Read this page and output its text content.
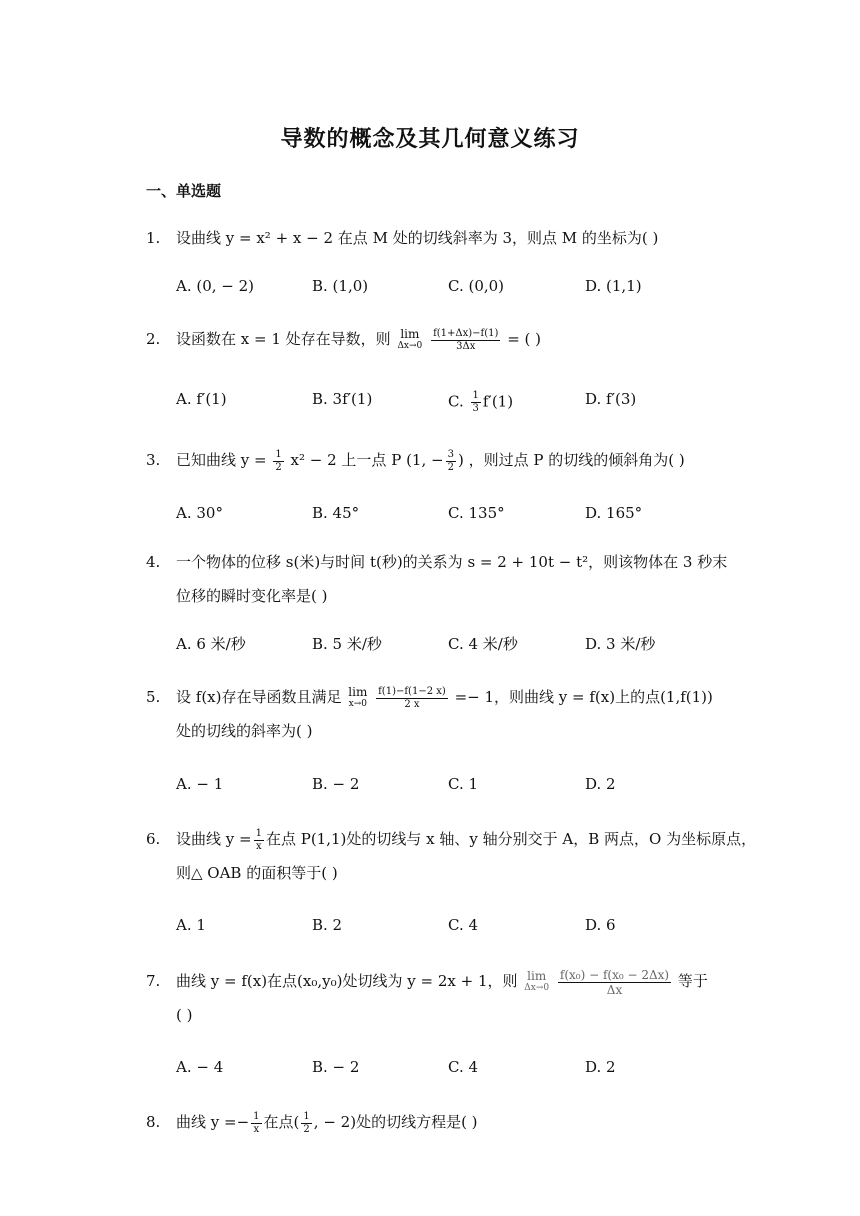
导数的概念及其几何意义练习
一、单选题
1.	设曲线 y = x² + x − 2 在点 M 处的切线斜率为 3，则点 M 的坐标为( )
A. (0, − 2)	B. (1,0)	C. (0,0)	D. (1,1)
2.	设函数在 x = 1 处存在导数，则 lim
Δx→0
$\frac{f(1+\Delta x)-f(1)}{3\Delta x}$ = ( )
A. f′(1)	B. 3f′(1)	C. $\frac{1}{3} f'(1)$	D. f′(3)
3.	已知曲线 $y = \frac{1}{2} x^2 - 2$ 上一点 P (1, − $\frac{3}{2}$ ) ，则过点 P 的切线的倾斜角为( )
A. 30°	B. 45°	C. 135°	D. 165°
4.	一个物体的位移 s(米)与时间 t(秒)的关系为 s = 2 + 10t − t²，则该物体在 3 秒末
位移的瞬时变化率是( )
A. 6 米/秒	B. 5 米/秒	C. 4 米/秒	D. 3 米/秒
5.	设 f(x)存在导函数且满足 lim
x→0
$\frac{f(1)-f(1-2 x)}{2 x} =- 1$，则曲线 y = f(x)上的点(1,f(1))
处的切线的斜率为( )
A. − 1	B. − 2	C. 1	D. 2
6.	设曲线 $y = \frac{1}{x}$ 在点 P(1,1)处的切线与 x 轴、y 轴分别交于 A，B 两点，O 为坐标原点，
则△ OAB 的面积等于( )
A. 1	B. 2	C. 4	D. 6
7.	曲线 y = f(x)在点(x₀,y₀)处切线为 y = 2x + 1，则 lim
Δx→0
$\frac{\text{f(x₀) − f(x₀ − 2Δx)}}{\Delta x}$ 等于
( )
A. − 4	B. − 2	C. 4	D. 2
8.	曲线 $y =- \frac{1}{x}$ 在点( $\frac{1}{2}$ , − 2)处的切线方程是( )
